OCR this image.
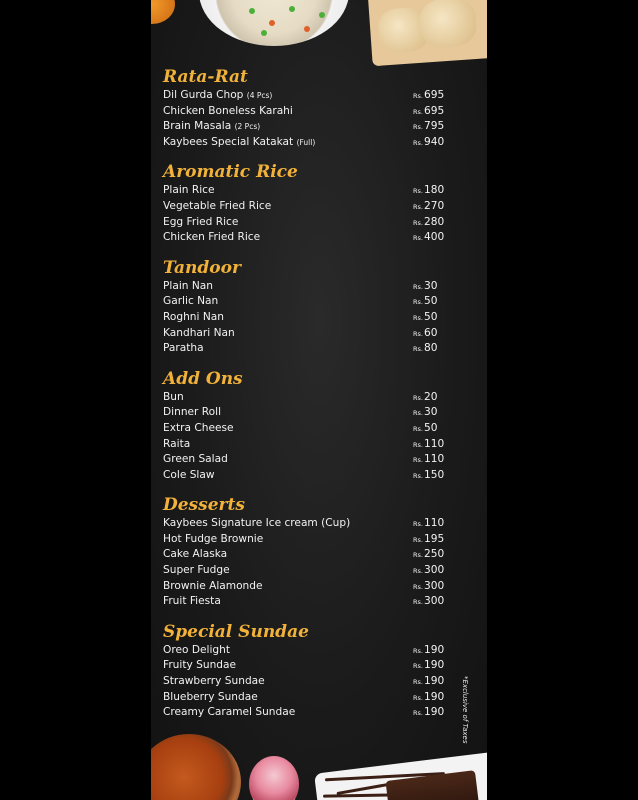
Rata-Rat
Dil Gurda Chop (4 Pcs)	Rs.695
Chicken Boneless Karahi	Rs.695
Brain Masala (2 Pcs)	Rs.795
Kaybees Special Katakat (Full)	Rs.940
Aromatic Rice
Plain Rice	Rs.180
Vegetable Fried Rice	Rs.270
Egg Fried Rice	Rs.280
Chicken Fried Rice	Rs.400
Tandoor
Plain Nan	Rs.30
Garlic Nan	Rs.50
Roghni Nan	Rs.50
Kandhari Nan	Rs.60
Paratha	Rs.80
Add Ons
Bun	Rs.20
Dinner Roll	Rs.30
Extra Cheese	Rs.50
Raita	Rs.110
Green Salad	Rs.110
Cole Slaw	Rs.150
Desserts
Kaybees Signature Ice cream (Cup)	Rs.110
Hot Fudge Brownie	Rs.195
Cake Alaska	Rs.250
Super Fudge	Rs.300
Brownie Alamonde	Rs.300
Fruit Fiesta	Rs.300
Special Sundae
Oreo Delight	Rs.190
Fruity Sundae	Rs.190
Strawberry Sundae	Rs.190
Blueberry Sundae	Rs.190
Creamy Caramel Sundae	Rs.190	*Exclusive of Taxes
